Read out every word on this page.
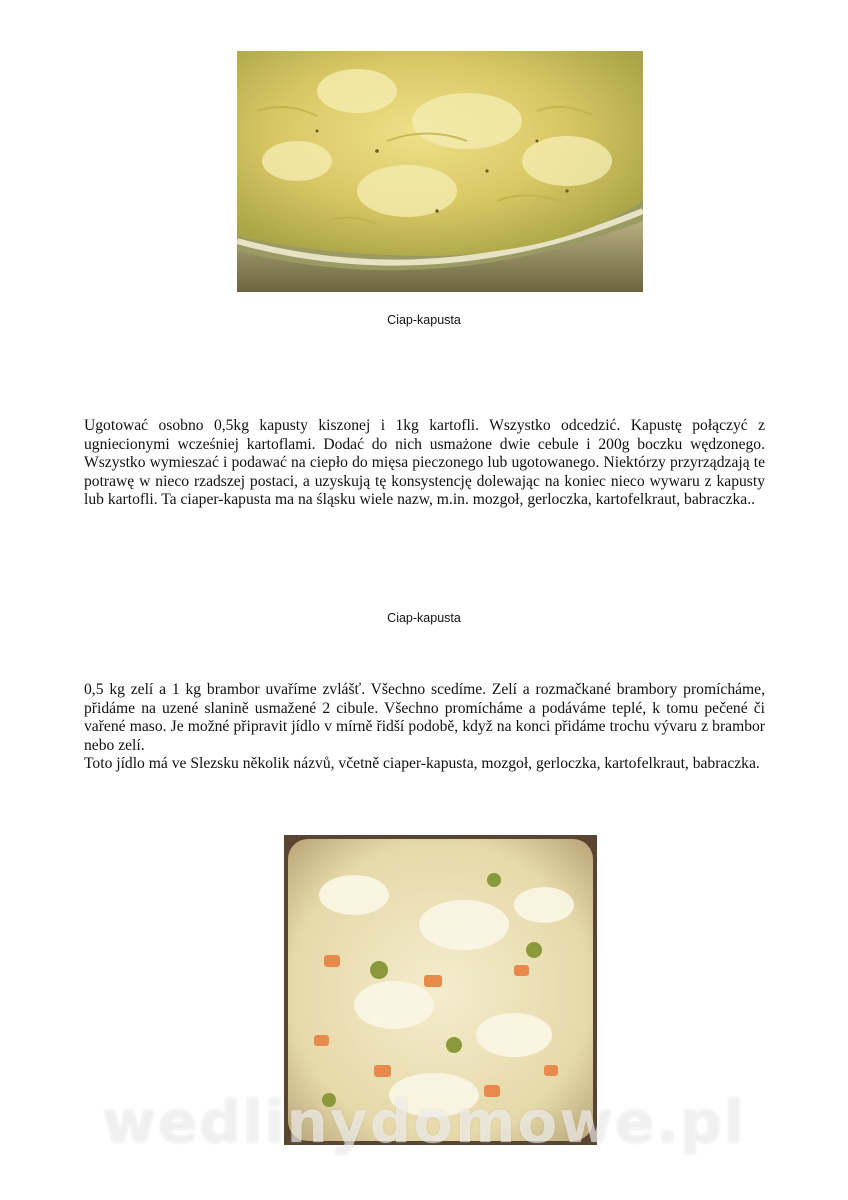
Ciap-kapusta

Ugotować osobno 0,5kg kapusty kiszonej i 1kg kartofli. Wszystko odcedzić. Kapustę połączyć z ugniecionymi wcześniej kartoflami. Dodać do nich usmażone dwie cebule i 200g boczku wędzonego. Wszystko wymieszać i podawać na ciepło do mięsa pieczonego lub ugotowanego. Niektórzy przyrządzają te potrawę w nieco rzadszej postaci, a uzyskują tę konsystencję dolewając na koniec nieco wywaru z kapusty lub kartofli. Ta ciaper-kapusta ma na śląsku wiele nazw, m.in. mozgoł, gerloczka, kartofelkraut, babraczka..

Ciap-kapusta
0,5 kg zelí a 1 kg brambor uvaříme zvlášť. Všechno scedíme. Zelí a rozmačkané brambory promícháme, přidáme na uzené slanině usmažené 2 cibule. Všechno promícháme a podáváme teplé, k tomu pečené či vařené maso. Je možné připravit jídlo v mírně řidší podobě, když na konci přidáme trochu vývaru z brambor nebo zelí.
Toto jídlo má ve Slezsku několik názvů, včetně ciaper-kapusta, mozgoł, gerloczka, kartofelkraut, babraczka.
wedlinydomowe.pl
